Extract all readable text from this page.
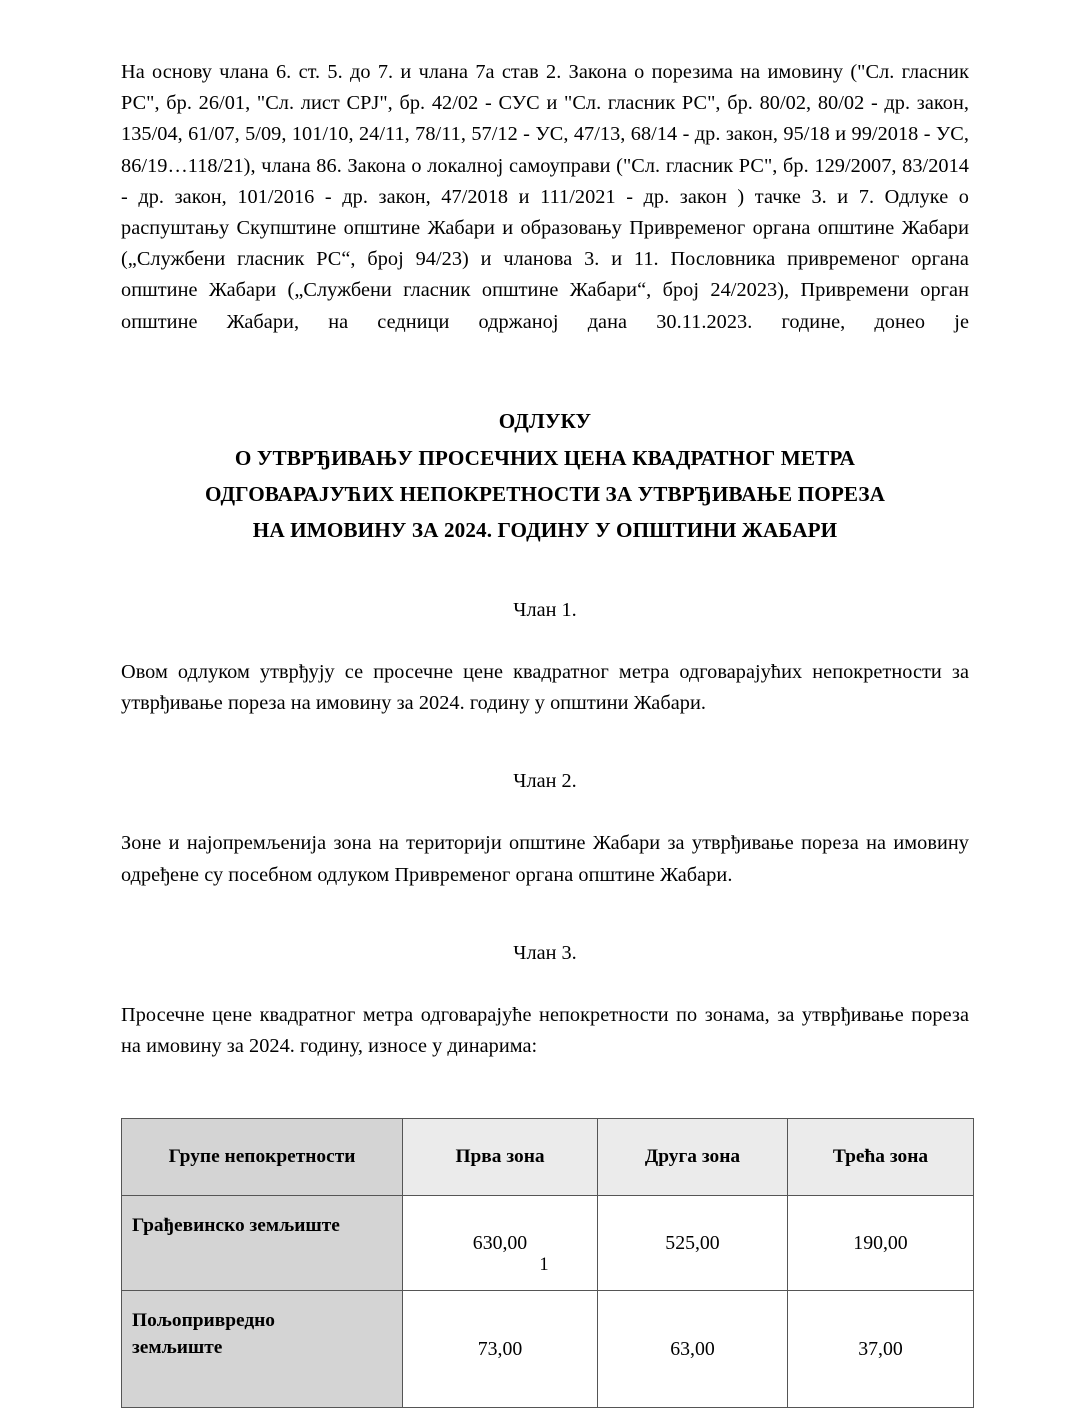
На основу члана 6. ст. 5. до 7. и члана 7а став 2. Закона о порезима на имовину ("Сл. гласник РС", бр. 26/01, "Сл. лист СРЈ", бр. 42/02 - СУС и "Сл. гласник РС", бр. 80/02, 80/02 - др. закон, 135/04, 61/07, 5/09, 101/10, 24/11, 78/11, 57/12 - УС, 47/13, 68/14 - др. закон, 95/18 и 99/2018 - УС, 86/19…118/21), члана 86. Закона о локалној самоуправи ("Сл. гласник РС", бр. 129/2007, 83/2014 - др. закон, 101/2016 - др. закон, 47/2018 и 111/2021 - др. закон ) тачке 3. и 7. Одлуке о распуштању Скупштине општине Жабари и образовању Привременог органа општине Жабари („Службени гласник РС“, број 94/23) и чланова 3. и 11. Пословника привременог органа општине Жабари („Службени гласник општине Жабари“, број 24/2023), Привремени орган општине Жабари, на седници одржаној дана 30.11.2023. године, донео је

ОДЛУКУ
О УТВРЂИВАЊУ ПРОСЕЧНИХ ЦЕНА КВАДРАТНОГ МЕТРА
ОДГОВАРАЈУЋИХ НЕПОКРЕТНОСТИ ЗА УТВРЂИВАЊЕ ПОРЕЗА
НА ИМОВИНУ ЗА 2024. ГОДИНУ У ОПШТИНИ ЖАБАРИ

Члан 1.

Овом одлуком утврђују се просечне цене квадратног метра одговарајућих непокретности за утврђивање пореза на имовину за 2024. годину у општини Жабари.

Члан 2.

Зоне и најопремљенија зона на територији општине Жабари за утврђивање пореза на имовину одређене су посебном одлуком Привременог органа општине Жабари.

Члан 3.

Просечне цене квадратног метра одговарајуће непокретности по зонама, за утврђивање пореза на имовину за 2024. годину, износе у динарима:

Групе непокретности	Прва зона	Друга зона	Трећа зона
Грађевинско земљиште	630,00	525,00	190,00
Пољопривредно
земљиште	73,00	63,00	37,00
1
